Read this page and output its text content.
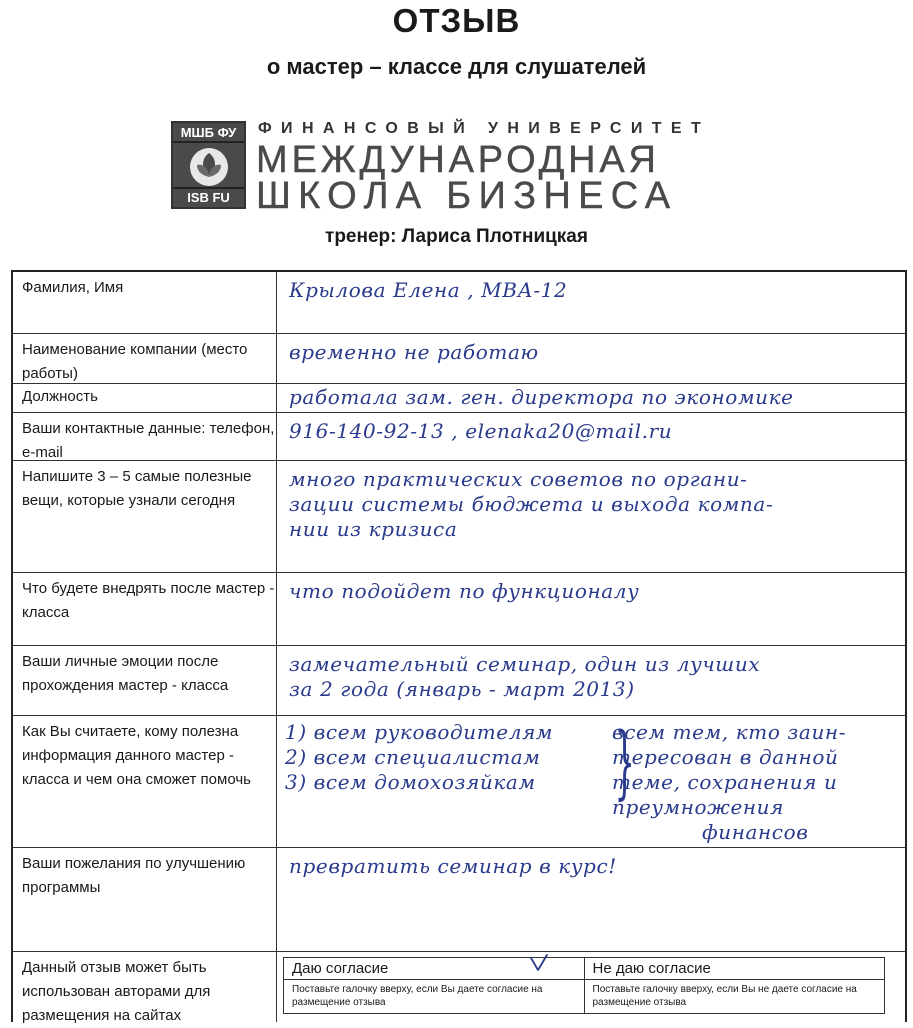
ОТЗЫВ
о мастер – классе для слушателей
МШБ ФУ
ISB FU
ФИНАНСОВЫЙ УНИВЕРСИТЕТ
МЕЖДУНАРОДНАЯ
ШКОЛА БИЗНЕСА
тренер: Лариса Плотницкая
Фамилия, Имя	Крылова Елена , МВА-12
Наименование компании (место работы)
временно не работаю
Должность	работала зам. ген. директора по экономике
Ваши контактные данные: телефон, e-mail
916-140-92-13 , elenaka20@mail.ru
Напишите 3 – 5 самые полезные вещи, которые узнали сегодня
много практических советов по органи-
зации системы бюджета и выхода компа-
нии из кризиса
Что будете внедрять после мастер - класса
что подойдет по функционалу
Ваши личные эмоции после прохождения мастер - класса
замечательный семинар, один из лучших
за 2 года (январь - март 2013)
Как Вы считаете, кому полезна информация данного мастер - класса и чем она сможет помочь
1) всем руководителям
2) всем специалистам
3) всем домохозяйкам }
всем тем, кто заин-
тересован в данной
теме, сохранения и
преумножения
финансов
Ваши пожелания по улучшению программы
превратить семинар в курс!
Данный отзыв может быть использован авторами для размещения на сайтах
Даю согласие
Поставьте галочку вверху, если Вы даете согласие на размещение отзыва
Не даю согласие
Поставьте галочку вверху, если Вы не даете согласие на размещение отзыва
